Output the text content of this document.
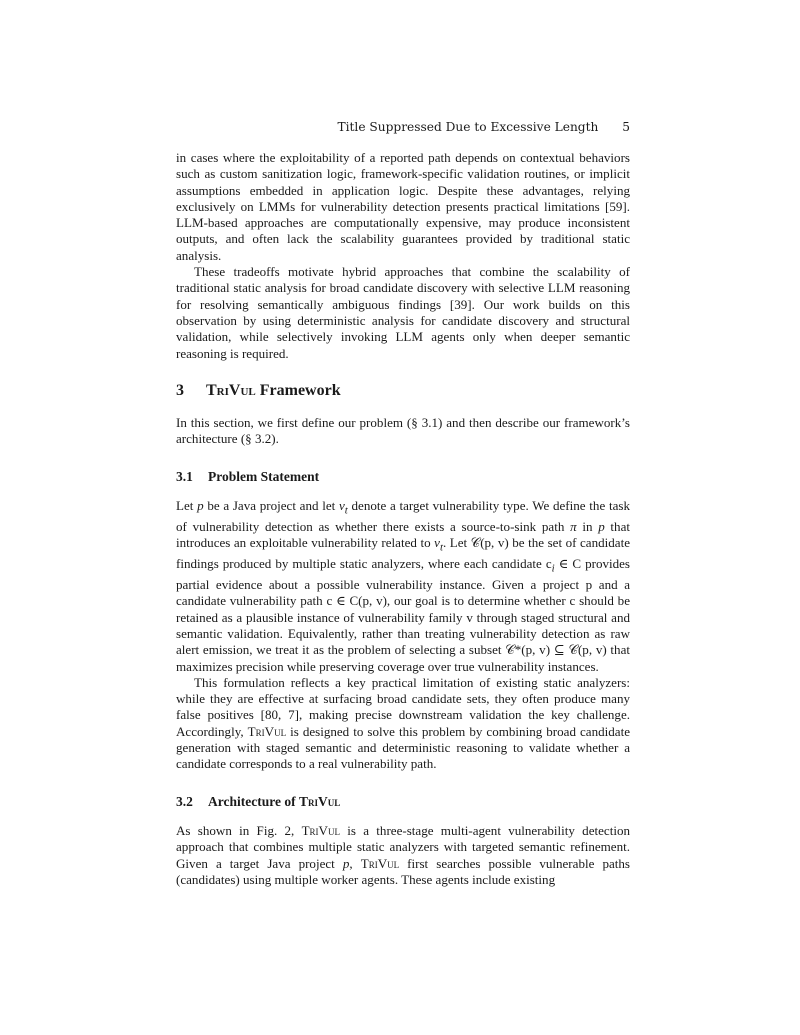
Title Suppressed Due to Excessive Length 5

in cases where the exploitability of a reported path depends on contextual behaviors such as custom sanitization logic, framework-specific validation routines, or implicit assumptions embedded in application logic. Despite these advantages, relying exclusively on LMMs for vulnerability detection presents practical limitations [59]. LLM-based approaches are computationally expensive, may produce inconsistent outputs, and often lack the scalability guarantees provided by traditional static analysis.

These tradeoffs motivate hybrid approaches that combine the scalability of traditional static analysis for broad candidate discovery with selective LLM reasoning for resolving semantically ambiguous findings [39]. Our work builds on this observation by using deterministic analysis for candidate discovery and structural validation, while selectively invoking LLM agents only when deeper semantic reasoning is required.

3 TriVul Framework

In this section, we first define our problem (§ 3.1) and then describe our framework’s architecture (§ 3.2).

3.1 Problem Statement

Let p be a Java project and let $v_t$ denote a target vulnerability type. We define the task of vulnerability detection as whether there exists a source-to-sink path π in p that introduces an exploitable vulnerability related to $v_t$. Let 𝒞(p, v) be the set of candidate findings produced by multiple static analyzers, where each candidate $c_i$ ∈ C provides partial evidence about a possible vulnerability instance. Given a project p and a candidate vulnerability path c ∈ C(p, v), our goal is to determine whether c should be retained as a plausible instance of vulnerability family v through staged structural and semantic validation. Equivalently, rather than treating vulnerability detection as raw alert emission, we treat it as the problem of selecting a subset 𝒞*(p, v) ⊆ 𝒞(p, v) that maximizes precision while preserving coverage over true vulnerability instances.

This formulation reflects a key practical limitation of existing static analyzers: while they are effective at surfacing broad candidate sets, they often produce many false positives [80, 7], making precise downstream validation the key challenge. Accordingly, TriVul is designed to solve this problem by combining broad candidate generation with staged semantic and deterministic reasoning to validate whether a candidate corresponds to a real vulnerability path.

3.2 Architecture of TriVul

As shown in Fig. 2, TriVul is a three-stage multi-agent vulnerability detection approach that combines multiple static analyzers with targeted semantic refinement. Given a target Java project p, TriVul first searches possible vulnerable paths (candidates) using multiple worker agents. These agents include existing
